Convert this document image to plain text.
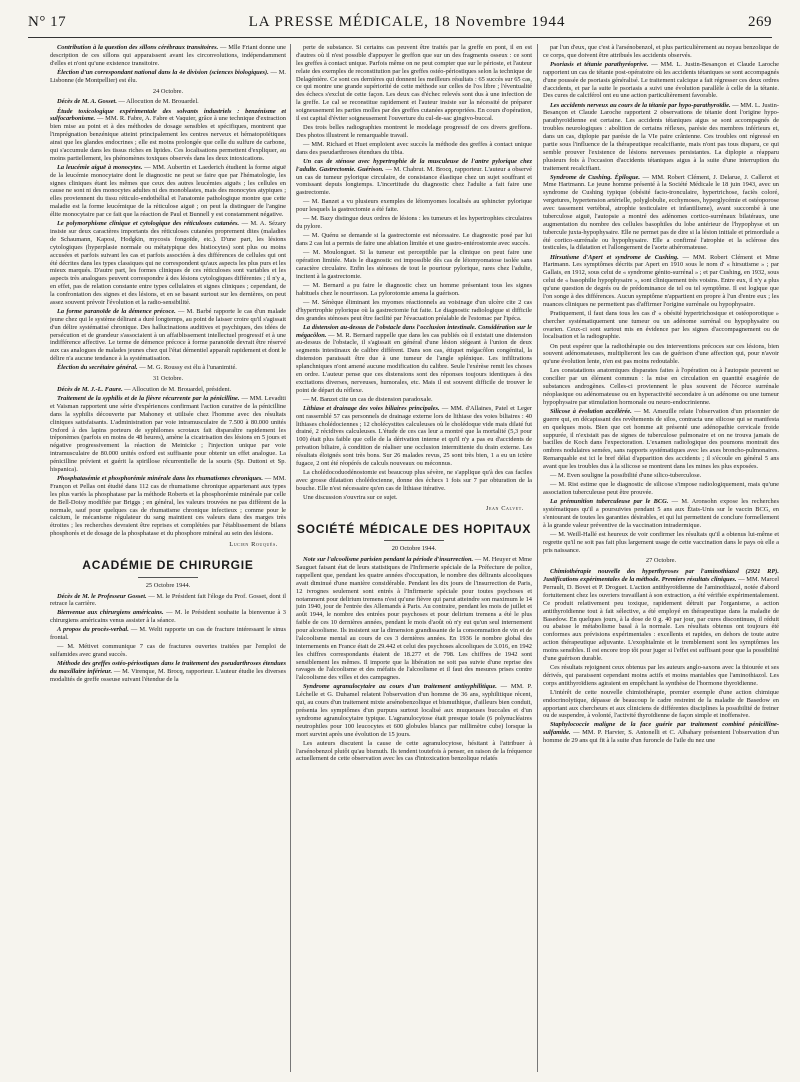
N° 17	LA PRESSE MÉDICALE, 18 Novembre 1944	269

Contribution à la question des sillons cérébraux transitoires. — Mlle Friant donne une description de ces sillons qui apparaissent avant les circonvolutions, indépendamment d'elles et n'ont qu'une existence transitoire.

Élection d'un correspondant national dans la 4e division (sciences biologiques). — M. Lisbonne (de Montpellier) est élu.

24 Octobre.

Décès de M. A. Gosset. — Allocution de M. Brouardel.

Étude toxicologique expérimentale des solvants industriels : benzénisme et sulfocarbonisme. — MM. R. Fabre, A. Fabre et Vaquier, grâce à une technique d'extraction bien mise au point et à des méthodes de dosage sensibles et spécifiques, montrent que l'imprégnation benzénique atteint principalement les centres nerveux et hématopoïétiques ainsi que les glandes endocrines ; elle est moins prolongée que celle du sulfure de carbone, qui s'accumule dans les tissus riches en lipides. Ces localisations permettent d'expliquer, au moins partiellement, les phénomènes toxiques observés dans les deux intoxications.

La leucémie aiguë à monocytes. — MM. Aubertin et Laederich étudient la forme aiguë de la leucémie monocytaire dont le diagnostic ne peut se faire que par l'hématologie, les signes cliniques étant les mêmes que ceux des autres leucémies aiguës ; les cellules en cause ne sont ni des monocytes adultes ni des monoblastes, mais des monocytes atypiques ; elles proviennent du tissu réticulo-endothélial et l'anatomie pathologique montre que cette maladie est la forme leucémique de la réticulose aiguë ; on peut la distinguer de l'angine élite monocytaire par ce fait que la réaction de Paul et Bunnell y est constamment négative.

Le polymorphisme clinique et cytologique des réticuloses cutanées. — M. A. Sézary insiste sur deux caractères importants des réticuloses cutanées proprement dites (maladies de Schaumann, Kaposi, Hodgkin, mycosis fongoïde, etc.). D'une part, les lésions cytologiques (hyperplasie normale ou métatypique des histiocytes) sont plus ou moins accusées et parfois suivant les cas et parfois associées à des différences de cellules qui ont été décrites dans les types classiques qui ne correspondent qu'aux aspects les plus purs et les mieux marqués. D'autre part, les formes cliniques de ces réticuloses sont variables et les aspects très analogues peuvent correspondre à des lésions cytologiques différentes ; il n'y a, en effet, pas de relation constante entre types cellulaires et signes cliniques ; cependant, de la confrontation des signes et des lésions, et en se basant surtout sur les dernières, on peut assez souvent prévoir l'évolution et la radio-sensibilité.

La forme paranoïde de la démence précoce. — M. Barbé rapporte le cas d'un malade jeune chez qui le système délirant a duré longtemps, au point de laisser croire qu'il s'agissait d'un délire systématisé chronique. Des hallucinations auditives et psychiques, des idées de persécution et de grandeur s'associaient à un affaiblissement intellectuel progressif et à une indifférence affective. Le terme de démence précoce à forme paranoïde devrait être réservé aux cas analogues de malades jeunes chez qui l'état démentiel apparaît rapidement et dont le délire n'a aucune tendance à la systématisation.

Élection du secrétaire général. — M. G. Roussy est élu à l'unanimité.

31 Octobre.

Décès de M. J.-L. Faure. — Allocution de M. Brouardel, président.

Traitement de la syphilis et de la fièvre récurrente par la pénicilline. — MM. Levaditi et Vaisman rapportent une série d'expériences confirmant l'action curative de la pénicilline dans la syphilis découverte par Mahoney et utilisée chez l'homme avec des résultats cliniques satisfaisants. L'administration par voie intramusculaire de 7.500 à 80.000 unités Oxford à des lapins porteurs de syphilomes scrotaux fait disparaître rapidement les tréponèmes (parfois en moins de 48 heures), amène la cicatrisation des lésions en 5 jours et négative progressivement la réaction de Meinicke ; l'injection unique par voie intramusculaire de 80.000 unités oxford est suffisante pour obtenir un effet analogue. La pénicilline prévient et guérit la spirillose récurrentielle de la souris (Sp. Duttoni et Sp. hispanica).

Phosphatasémie et phosphorémie minérale dans les rhumatismes chroniques. — MM. Françon et Pellas ont étudié dans 112 cas de rhumatisme chronique appartenant aux types les plus variés la phosphatase par la méthode Roberts et la phosphorémie minérale par celle de Bell-Doisy modifiée par Briggs ; en général, les valeurs trouvées ne pas diffèrent de la normale, sauf pour quelques cas de rhumatisme chronique infectieux ; comme pour le calcium, le mécanisme régulateur du sang maintient ces valeurs dans des marges très étroites ; les recherches devraient être reprises et complétées par l'établissement de bilans phosphorés et de dosage de la phosphatase et du phosphore minéral au sein des lésions.

Lucien Rouquès.

ACADÉMIE DE CHIRURGIE

25 Octobre 1944.

Décès de M. le Professeur Gosset. — M. le Président fait l'éloge du Prof. Gosset, dont il retrace la carrière.

Bienvenue aux chirurgiens américains. — M. le Président souhaite la bienvenue à 3 chirurgiens américains venus assister à la séance.

A propos du procès-verbal. — M. Welti rapporte un cas de fracture intéressant le sinus frontal.

— M. Métivet communique 7 cas de fractures ouvertes traitées par l'emploi de sulfamides avec grand succès.

Méthode des greffes ostéo-périostiques dans le traitement des pseudarthroses étendues du maxillaire inférieur. — M. Virenque, M. Brocq, rapporteur. L'auteur étudie les diverses modalités de greffe osseuse suivant l'étendue de la

perte de substance. Si certains cas peuvent être traités par la greffe en pont, il en est d'autres où il n'est possible d'appuyer le greffon que sur un des fragments osseux : ce sont les greffes à contact unique. Parfois même on ne peut compter que sur le périoste, et l'auteur relate des exemples de reconstitution par les greffes ostéo-périostiques selon la technique de Delagénière. Ce sont ces dernières qui donnent les meilleurs résultats : 65 succès sur 65 cas, ce qui montre une grande supériorité de cette méthode sur celles de l'os libre ; l'éventualité des échecs s'exclut de cette façon. Les deux cas d'échec relevés sont dus à une infection de la greffe. Le cal se reconstitue rapidement et l'auteur insiste sur la nécessité de préparer soigneusement les parties molles par des greffes cutanées appropriées. En cours d'opération, il est capital d'éviter soigneusement l'ouverture du cul-de-sac gingivo-buccal.

Des trois belles radiographies montrent le modelage progressif de ces divers greffons. Des photos illustrent le remarquable travail.

— MM. Richard et Huet emploient avec succès la méthode des greffes à contact unique dans des pseudarthroses étendues du tibia.

Un cas de sténose avec hypertrophie de la musculeuse de l'antre pylorique chez l'adulte. Gastrectomie. Guérison. — M. Chabrut. M. Brocq, rapporteur. L'auteur a observé un cas de tumeur pylorique circulaire, de consistance élastique chez un sujet souffrant et vomissant depuis longtemps. L'incertitude du diagnostic chez l'adulte a fait faire une gastrectomie.

— M. Banzet a vu plusieurs exemples de léiomyomes localisés au sphincter pylorique pour lesquels la gastrectomie a été faite.

— M. Bazy distingue deux ordres de lésions : les tumeurs et les hypertrophies circulaires du pylore.

— M. Quénu se demande si la gastrectomie est nécessaire. Le diagnostic posé par lui dans 2 cas lui a permis de faire une ablation limitée et une gastro-entérostomie avec succès.

— M. Moulonguet. Si la tumeur est perceptible par la clinique on peut faire une opération limitée. Mais le diagnostic est impossible dès cas de léiomyomatose isolée sans caractère circulaire. Enfin les sténoses de tout le pourtour pylorique, rares chez l'adulte, incitent à la gastrectomie.

— M. Bernard a pu faire le diagnostic chez un homme présentant tous les signes habituels chez le nourrisson. La pylorotomie amena la guérison.

— M. Sénèque éliminant les myomes réactionnels au voisinage d'un ulcère cite 2 cas d'hypertrophie pylorique où la gastrectomie fut faite. Le diagnostic radiologique si difficile des grandes sténoses peut être facilité par l'évacuation préalable de l'estomac par l'ipéca.

La distension au-dessus de l'obstacle dans l'occlusion intestinale. Considération sur le mégacôlon. — M. R. Bernard rappelle que dans les cas publiés où il existait une distension au-dessus de l'obstacle, il s'agissait en général d'une lésion siégeant à l'union de deux segments intestinaux de calibre différent. Dans son cas, étiquet mégacôlon congénital, la distension paraissait être due à une tumeur de l'angle splénique. Les infiltrations splanchniques n'ont amené aucune modification du calibre. Seule l'exérèse remit les choses en ordre. L'auteur pense que ces distensions sont des réponses toujours identiques à des excitations diverses, nerveuses, humorales, etc. Mais il est souvent difficile de trouver le point de départ du réflexe.

— M. Banzet cite un cas de distension paradoxale.

Lithiase et drainage des voies biliaires principales. — MM. d'Allaines, Patel et Leger ont rassemblé 57 cas personnels de drainage externe lors de lithiase des voies biliaires : 40 lithiases cholédociennes ; 12 cholécystites calculeuses où le cholédoque vide mais dilaté fut drainé, 2 récidives calculeuses. L'étude de ces cas leur a montré que la mortalité (5,3 pour 100) était plus faible que celle de la dérivation interne et qu'il n'y a pas eu d'accidents de privation biliaire, à condition de réaliser une occlusion intermittente du drain externe. Les résultats éloignés sont très bons. Sur 26 malades revus, 25 sont très bien, 1 a eu un ictère fugace, 2 ont été réopérés de calculs nouveaux ou méconnus.

La cholédocoduodénostomie est beaucoup plus sévère, ne s'applique qu'à des cas faciles avec grosse dilatation cholédocienne, donne des échecs 1 fois sur 7 par obturation de la bouche. Elle n'est nécessaire qu'en cas de lithiase itérative.

Une discussion s'ouvrira sur ce sujet.

Jean Calvet.

SOCIÉTÉ MÉDICALE DES HOPITAUX

20 Octobre 1944.

Note sur l'alcoolisme parisien pendant la période d'insurrection. — M. Heuyer et Mme Sauguet faisant état de leurs statistiques de l'Infirmerie spéciale de la Préfecture de police, rappellent que, pendant les quatre années d'occupation, le nombre des délirants alcooliques avait diminué d'une manière considérable. Pendant les dix jours de l'insurrection de Paris, 12 ivrognes seulement sont entrés à l'Infirmerie spéciale pour toutes psychoses et notamment pour delirium tremens n'est qu'une fièvre qui parut atteindre son maximum le 14 juin 1940, jour de l'entrée des Allemands à Paris. Au contraire, pendant les mois de juillet et août 1944, le nombre des entrées pour psychoses et pour delirium tremens a été le plus faible de ces 10 dernières années, pendant le mois d'août où n'y eut qu'un seul internement pour alcoolisme. Ils insistent sur la dimension grandissante de la consommation de vin et de l'alcoolisme mental au cours de ces 3 dernières années. En 1936 le nombre global des internements en France était de 29.442 et celui des psychoses alcooliques de 3.016, en 1942 les chiffres correspondants étaient de 18.277 et de 798. Les chiffres de 1942 sont sensiblement les mêmes. Il importe que la libération ne soit pas suivie d'une reprise des ravages de l'alcoolisme et des méfaits de l'alcoolisme et il faut des mesures prises contre l'alcoolisme des villes et des campagnes.

Syndrome agranulocytaire au cours d'un traitement antisyphilitique. — MM. P. Léchelle et G. Duhamel relatent l'observation d'un homme de 36 ans, syphilitique récent, qui, au cours d'un traitement mixte arsénobenzolique et bismuthique, d'ailleurs bien conduit, présenta les symptômes d'un purpura surtout localisé aux muqueuses buccales et d'un syndrome agranulocytaire typique. L'agranulocytose était presque totale (6 polynucléaires neutrophiles pour 100 leucocytes et 600 globules blancs par millimètre cube) lorsque la mort survint après une évolution de 15 jours.

Les auteurs discutent la cause de cette agranulocytose, hésitant à l'attribuer à l'arsénobenzol plutôt qu'au bismuth. Ils tendent toutefois à penser, en raison de la fréquence actuellement de cette observation avec les cas d'intoxication benzolique relatés

par l'un d'eux, que c'est à l'arsénobenzol, et plus particulièrement au noyau benzolique de ce corps, que doivent être attribués les accidents observés.

Psoriasis et tétanie parathyréoprive. — MM. L. Justin-Besançon et Claude Laroche rapportent un cas de tétanie post-opératoire où les accidents tétaniques se sont accompagnés d'une poussée de psoriasis généralisé. Le traitement calcique a fait régresser ces deux ordres d'accidents, et par la suite le psoriasis a suivi une évolution parallèle à celle de la tétanie. Des cures de calciférol ont eu une action particulièrement favorable.

Les accidents nerveux au cours de la tétanie par hypo-parathyroïdie. — MM. L. Justin-Besançon et Claude Laroche rapportent 2 observations de tétanie dont l'origine hypo-parathyroïdienne est certaine. Les accidents tétaniques aigus se sont accompagnés de troubles neurologiques : abolition de certains réflexes, parésie des membres inférieurs et, dans un cas, diplopie par parésie de la VIe paire crânienne. Ces troubles ont régressé en partie sous l'influence de la thérapeutique recalcifiante, mais n'ont pas tous disparu, ce qui semble prouver l'existence de lésions nerveuses persistantes. La diplopie a réapparu plusieurs fois à l'occasion d'accidents tétaniques aigus à la suite d'une interruption du traitement recalcifiant.

Syndrome de Cushing. Épilogue. — MM. Robert Clément, J. Delarue, J. Callerot et Mme Hartmann. Le jeune homme présenté à la Société Médicale le 18 juin 1943, avec un syndrome de Cushing typique (obésité facio-tronculaire, hypertrichose, faciès coloré, vergetures, hypertension artérielle, polyglobulie, ecchymoses, hyperglycémie et ostéoporose avec tassement vertébral, atrophie testiculaire et infantilisme), avant succombé à une tuberculose aiguë, l'autopsie a montré des adénomes cortico-surrénaux bilatéraux, une augmentation du nombre des cellules basophiles du lobe antérieur de l'hypophyse et un tubercule juxta-hypophysaire. Elle ne permet pas de dire si la lésion initiale et primordiale a été cortico-surrénale ou hypophysaire. Elle a confirmé l'atrophie et la sclérose des testicules, la dilatation et l'allongement de l'aorte athéromateuse.

Hirsutisme d'Apert et syndrome de Cushing. — MM. Robert Clément et Mme Hartmann. Les symptômes décrits par Apert en 1910 sous le nom d' « hirsutisme » ; par Gallais, en 1912, sous celui de « syndrome génito-surrénal » ; et par Cushing, en 1932, sous celui de « basophilie hypophysaire », sont cliniquement très voisins. Entre eux, il n'y a plus qu'une question de degrés ou de prédominance de tel ou tel symptôme. Il est logique que l'on songe à des différences. Aucun symptôme n'appartient en propre à l'un d'entre eux ; les nuances cliniques ne permettent pas d'affirmer l'origine surrénale ou hypophysaire.

Pratiquement, il faut dans tous les cas d' « obésité hypertrichosique et ostéoporotique » chercher systématiquement une tumeur ou un adénome surrénal ou hypophysaire ou ovarien. Ceux-ci sont surtout mis en évidence par les signes d'accompagnement ou de localisation et la radiographie.

On peut espérer que la radiothérapie ou des interventions précoces sur ces lésions, bien souvent adénomateuses, multiplieront les cas de guérison d'une affection qui, pour n'avoir qu'une évolution lente, n'en est pas moins redoutable.

Les constatations anatomiques disparates faites à l'opération ou à l'autopsie peuvent se concilier par un élément commun : la mise en circulation en quantité exagérée de substances androgènes. Celles-ci proviennent le plus souvent de l'écorce surrénale néoplasique ou adénomateuse ou en hyperactivité secondaire à un adénome ou une tumeur hypophysaire par stimulation hormonale ou neuro-endocrinienne.

Silicose à évolution accélérée. — M. Ameuille relate l'observation d'un prisonnier de guerre qui, en décapissant des revêtements de silos, contracta une silicose qui se manifesta en quelques mois. Bien que cet homme ait présenté une adénopathie cervicale froide suppurée, il n'existait pas de signes de tuberculose pulmonaire et on ne trouva jamais de bacilles de Koch dans l'expectoration. L'examen radiologique des poumons montrait des ombres nodulaires semées, sans rapports systématiques avec les axes broncho-pulmonaires. Remarquable est ici le bref délai d'apparition des accidents ; il s'écoule en général 5 ans avant que les troubles dus à la silicose se montrent dans les mines les plus exposées.

— M. Even souligne la possibilité d'une silico-tuberculose.

— M. Rist estime que le diagnostic de silicose s'impose radiologiquement, mais qu'une association tuberculeuse peut être prouvée.

La prémunition tuberculeuse par le BCG. — M. Aronsohn expose les recherches systématiques qu'il a poursuivies pendant 5 ans aux États-Unis sur le vaccin BCG, en s'entourant de toutes les garanties désirables, et qui lui permettent de conclure formellement à la grande valeur préventive de la vaccination intradermique.

— M. Weill-Hallé est heureux de voir confirmer les résultats qu'il a obtenus lui-même et regrette qu'il ne soit pas fait plus largement usage de cette vaccination dans le pays où elle a pris naissance.

27 Octobre.

Chimiothérapie nouvelle des hyperthyroses par l'aminothiazol (2921 RP). Justifications expérimentales de la méthode. Premiers résultats cliniques. — MM. Marcel Perrault, D. Bovet et P. Droguet. L'action antithyroïdienne de l'aminothiazol, notée d'abord fortuitement chez les ouvriers travaillant à son extraction, a été vérifiée expérimentalement. Ce produit relativement peu toxique, rapidement détruit par l'organisme, a action antithyroïdienne tout à fait sélective, a été employé en thérapeutique dans la maladie de Basedow. En quelques jours, à la dose de 0 g. 40 par jour, par cures discontinues, il réduit ou abaisse le métabolisme basal à la normale. Les résultats obtenus ont toujours été conformes aux prévisions expérimentales : excellents et rapides, en dehors de toute autre action thérapeutique adjuvante. L'exophtalmie et le tremblement sont les symptômes les moins sensibles. Il est encore trop tôt pour juger si l'effet est suffisant pour que la possibilité d'une guérison durable.

Ces résultats rejoignent ceux obtenus par les auteurs anglo-saxons avec la thiourée et ses dérivés, qui paraissent cependant moins actifs et moins maniables que l'aminothiazol. Les corps antithyroïdiens agiraient en empêchant la synthèse de l'hormone thyroïdienne.

L'intérêt de cette nouvelle chimiothérapie, premier exemple d'une action chimique endocrinolytique, dépasse de beaucoup le cadre restreint de la maladie de Basedow en apportant aux chercheurs et aux cliniciens de différentes disciplines la possibilité de freiner ou de suspendre, à volonté, l'activité thyroïdienne de façon simple et inoffensive.

Staphylococcie maligne de la face guérie par traitement combiné pénicilline-sulfamide. — MM. P. Harvier, S. Antonelli et C. Albahary présentent l'observation d'un homme de 29 ans qui fit à la suite d'un furoncle de l'aile du nez une
